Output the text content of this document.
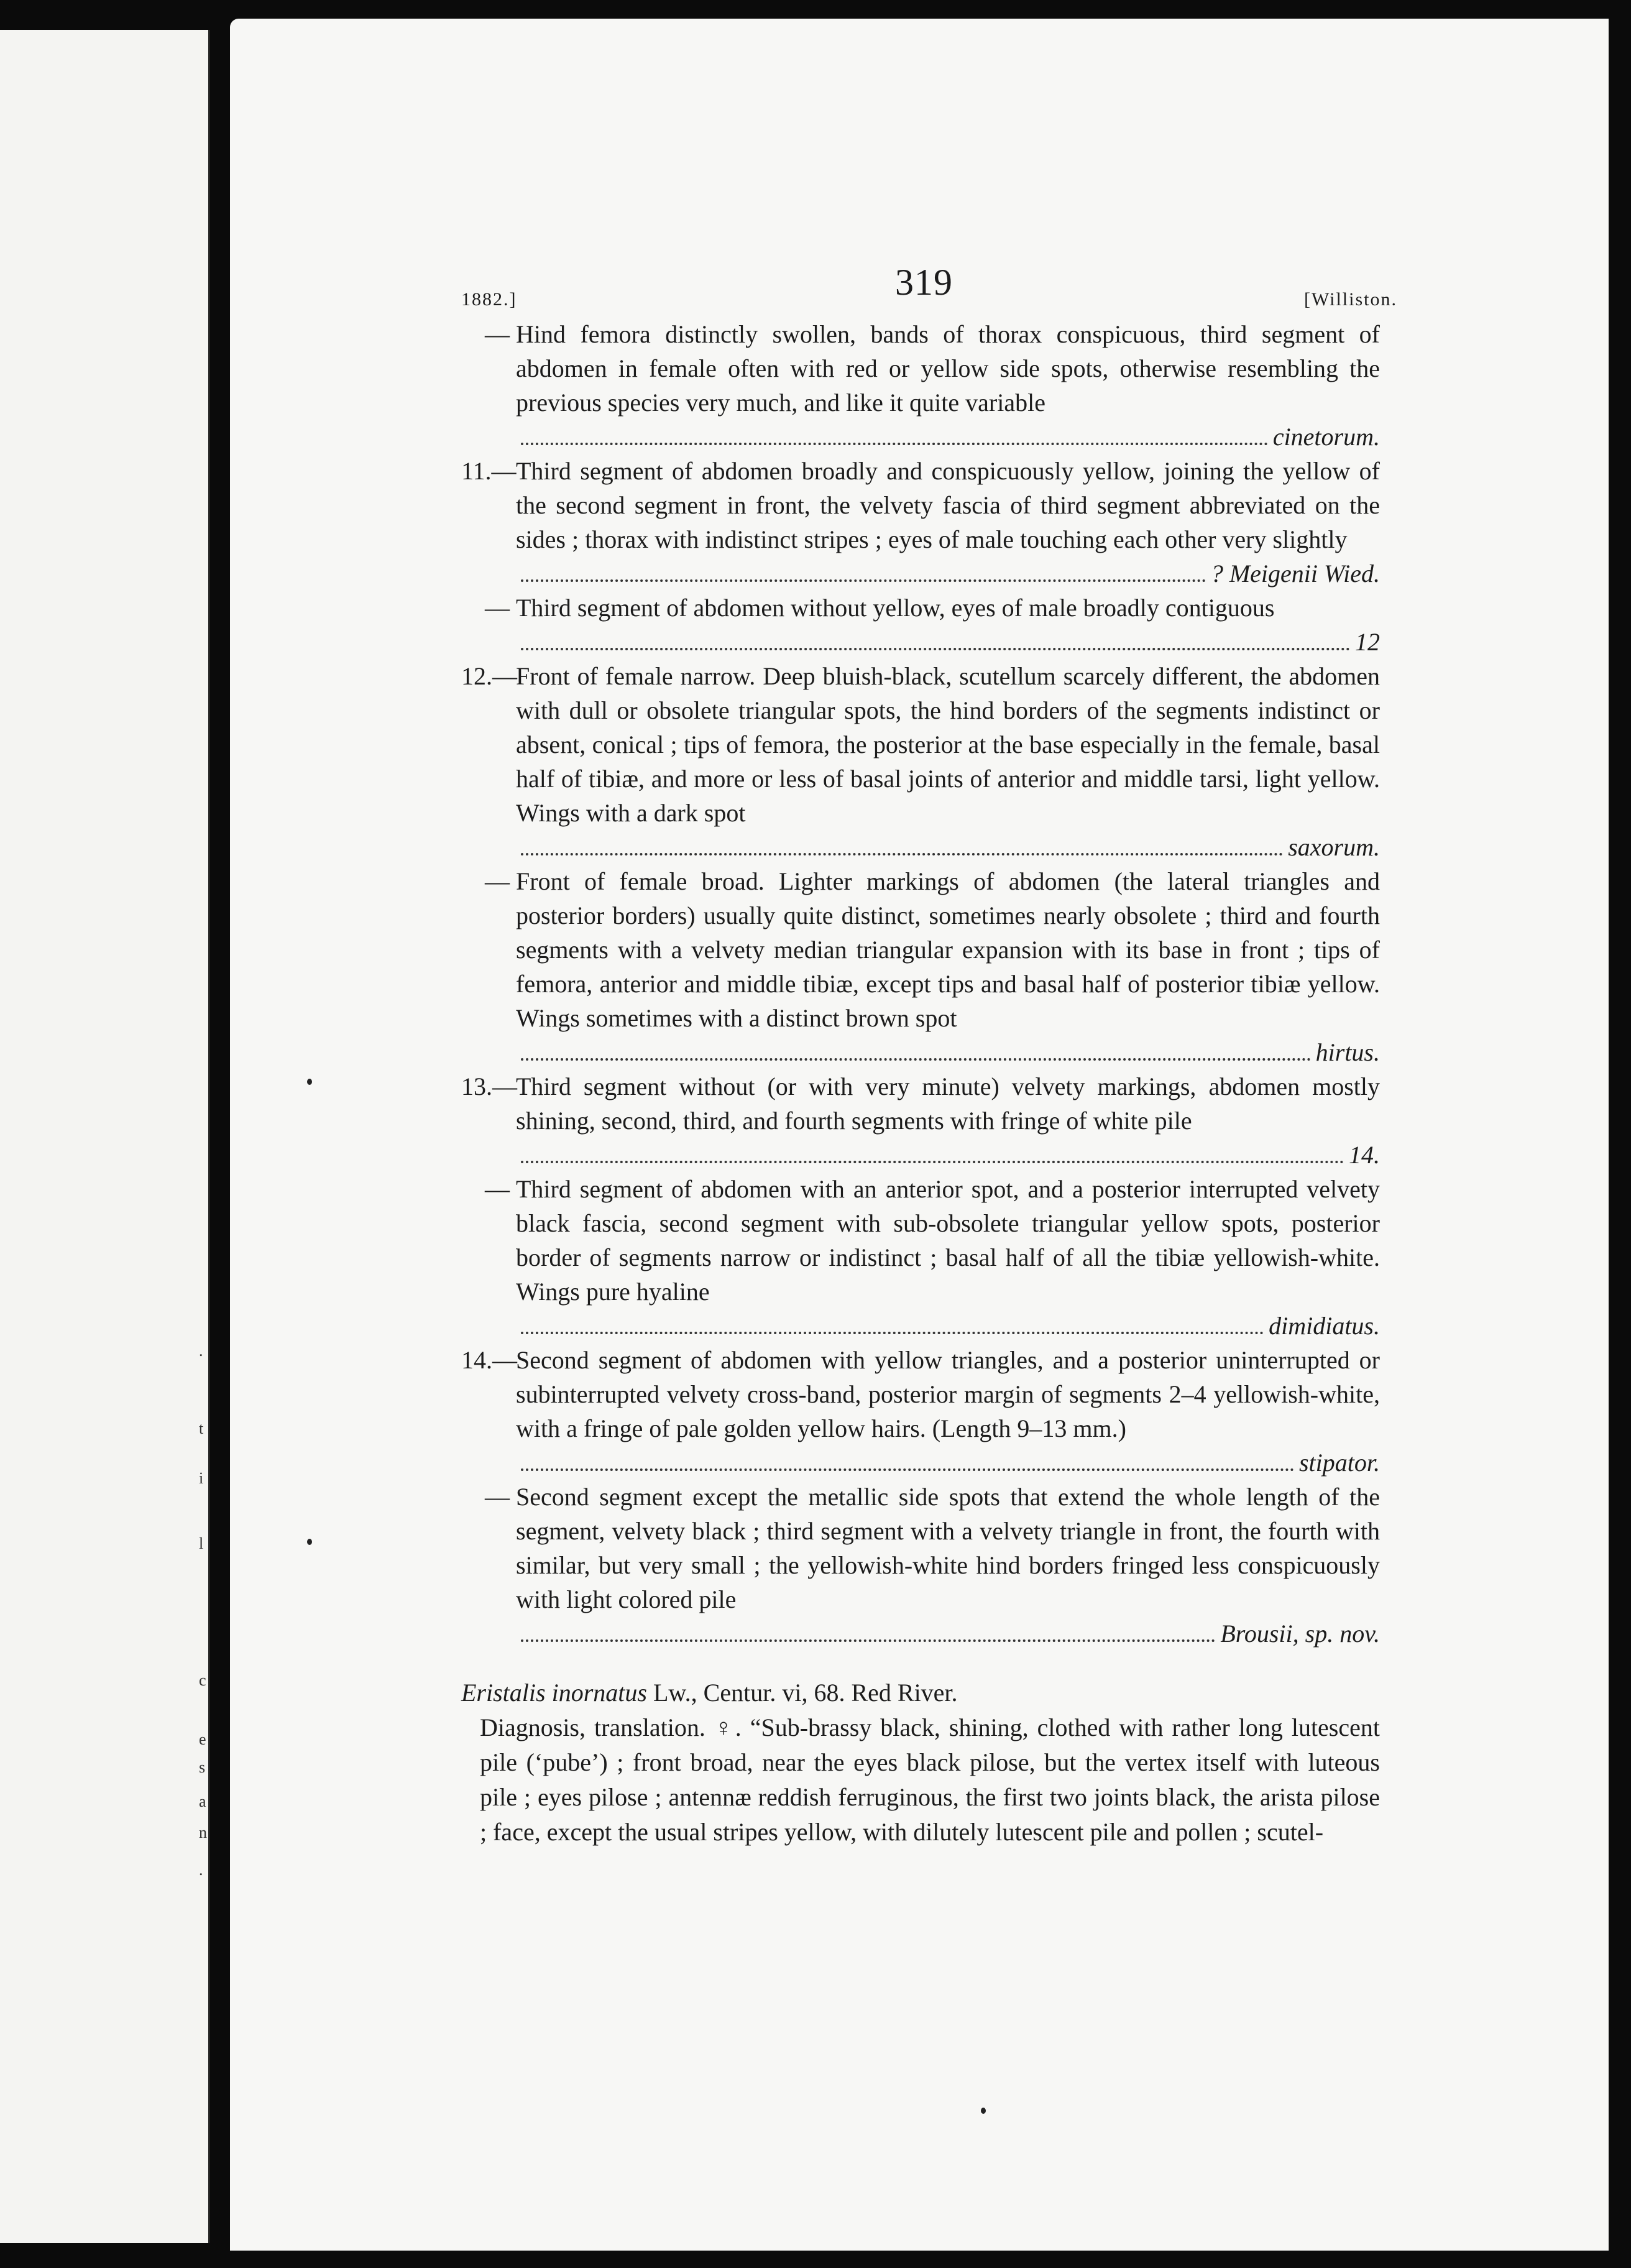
.
t
i
l
c
e
s
a
n
.
1882.]	319	[Williston.
— Hind femora distinctly swollen, bands of thorax conspicuous, third segment of abdomen in female often with red or yellow side spots, otherwise resembling the previous species very much, and like it quite variable
cinetorum.
11.— Third segment of abdomen broadly and conspicuously yellow, joining the yellow of the second segment in front, the velvety fascia of third segment abbreviated on the sides ; thorax with indistinct stripes ; eyes of male touching each other very slightly
? Meigenii Wied.
— Third segment of abdomen without yellow, eyes of male broadly contiguous
12
12.—
Front of female narrow. Deep bluish-black, scutellum scarcely different, the abdomen with dull or obsolete triangular spots, the hind borders of the segments indistinct or absent, conical ; tips of femora, the posterior at the base especially in the female, basal half of tibiæ, and more or less of basal joints of anterior and middle tarsi, light yellow. Wings with a dark spot
saxorum.
— Front of female broad. Lighter markings of abdomen (the lateral triangles and posterior borders) usually quite distinct, sometimes nearly obsolete ; third and fourth segments with a velvety median triangular expansion with its base in front ; tips of femora, anterior and middle tibiæ, except tips and basal half of posterior tibiæ yellow. Wings sometimes with a distinct brown spot
hirtus.
13.—
Third segment without (or with very minute) velvety markings, abdomen mostly shining, second, third, and fourth segments with fringe of white pile
14.
— Third segment of abdomen with an anterior spot, and a posterior interrupted velvety black fascia, second segment with sub-obsolete triangular yellow spots, posterior border of segments narrow or indistinct ; basal half of all the tibiæ yellowish-white. Wings pure hyaline
dimidiatus.
14.—
Second segment of abdomen with yellow triangles, and a posterior uninterrupted or subinterrupted velvety cross-band, posterior margin of segments 2–4 yellowish-white, with a fringe of pale golden yellow hairs. (Length 9–13 mm.)
stipator.
— Second segment except the metallic side spots that extend the whole length of the segment, velvety black ; third segment with a velvety triangle in front, the fourth with similar, but very small ; the yellowish-white hind borders fringed less conspicuously with light colored pile
Brousii, sp. nov.
Eristalis inornatus Lw., Centur. vi, 68. Red River.
Diagnosis, translation. ♀. “Sub-brassy black, shining, clothed with rather long lutescent pile (‘pube’) ; front broad, near the eyes black pilose, but the vertex itself with luteous pile ; eyes pilose ; antennæ reddish ferruginous, the first two joints black, the arista pilose ; face, except the usual stripes yellow, with dilutely lutescent pile and pollen ; scutel-
